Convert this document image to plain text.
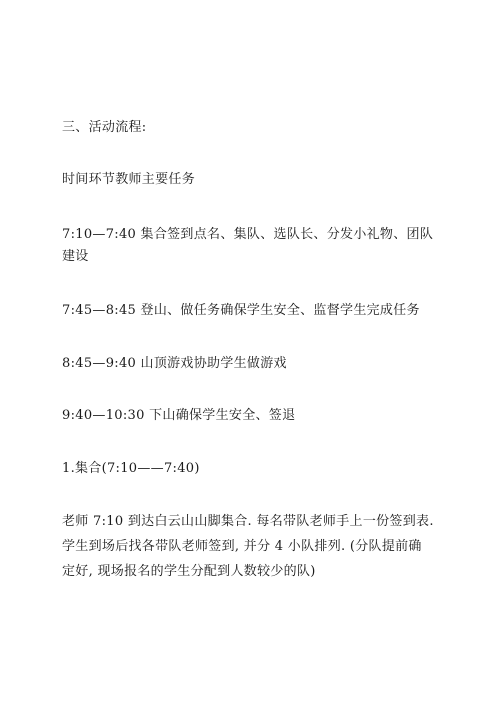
三、活动流程:

时间环节教师主要任务

7:10—7:40 集合签到点名、集队、选队长、分发小礼物、团队

建设

7:45—8:45 登山、做任务确保学生安全、监督学生完成任务

8:45—9:40 山顶游戏协助学生做游戏

9:40—10:30 下山确保学生安全、签退

1.集合(7:10——7:40)

老师 7:10 到达白云山山脚集合. 每名带队老师手上一份签到表.

学生到场后找各带队老师签到, 并分 4 小队排列. (分队提前确

定好, 现场报名的学生分配到人数较少的队)
